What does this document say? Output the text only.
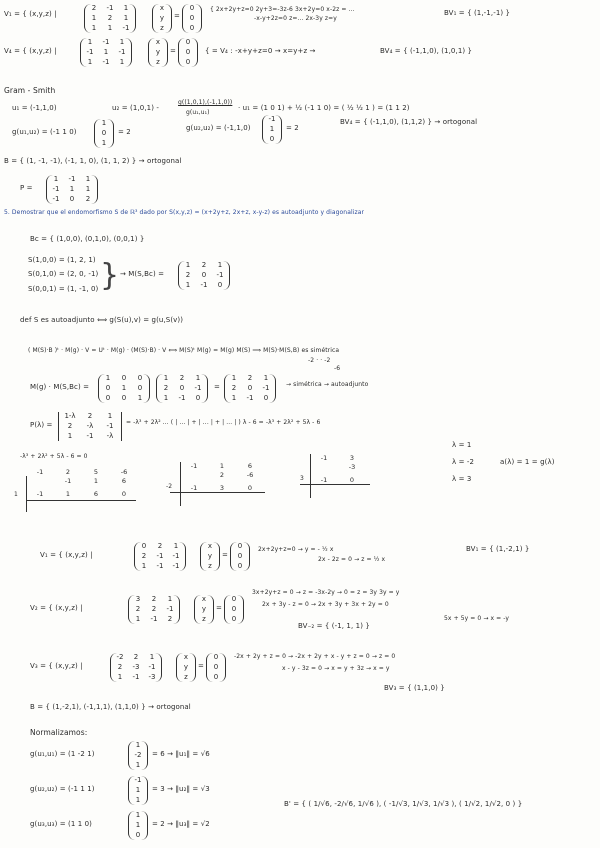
V₁ = { (x,y,z) |
2	-1	1
1	2	1
1	1	-1
x
y
z
=
0
0
0
{ 2x+2y+z=0 2y+3=-3z-6 3x+2y=0 x-2z = ...
-x-y+2z=0 z=... 2x-3y z=y
BV₁ = { (1,-1,-1) }
V₄ = { (x,y,z) |
1	-1	1
-1	1	-1
1	-1	1
x
y
z
=
0
0
0
{ = V₄ : -x+y+z=0 → x=y+z →	BV₄ = { (-1,1,0), (1,0,1) }
Gram - Smith
u₁ = (-1,1,0)	u₂ = (1,0,1) -
g((1,0,1),(-1,1,0))
g(u₁,u₁)
· u₁ = (1 0 1) + ½ (-1 1 0) = ( ½ ½ 1 ) = (1 1 2)
g(u₁,u₂) = (-1 1 0)
1
0
1
= 2	g(u₂,u₂) = (-1,1,0)
-1
1
0
= 2
BV₄ = { (-1,1,0), (1,1,2) } → ortogonal
B = { (1, -1, -1), (-1, 1, 0), (1, 1, 2) } → ortogonal
P =
1	-1	1
-1	1	1
-1	0	2
5. Demostrar que el endomorfismo S de ℝ³ dado por S(x,y,z) = (x+2y+z, 2x+z, x-y-z) es autoadjunto y diagonalizar
Bc = { (1,0,0), (0,1,0), (0,0,1) }
S(1,0,0) = (1, 2, 1)
S(0,1,0) = (2, 0, -1)
S(0,0,1) = (1, -1, 0) } → M(S,Bc) =
1	2	1
2	0	-1
1	-1	0
def S es autoadjunto ⟺ g(S(u),v) = g(u,S(v))
( M(S)·B )ᵗ · M(g) · V = Uᵗ · M(g) · (M(S)·B) · V ⟺ M(S)ᵗ M(g) = M(g) M(S) ⟹ M(S)·M(S,B) es simétrica
-2 · · -2
-6
M(g) · M(S,Bc) =
1	0	0
0	1	0
0	0	1
1	2	1
2	0	-1
1	-1	0
=
1	2	1
2	0	-1
1	-1	0
→ simétrica → autoadjunto
P(λ) =
1-λ	2	1
2	-λ	-1
1	-1	-λ
= -λ³ + 2λ² ... ( | ... | + | ... | + | ... | ) λ - 6 = -λ³ + 2λ² + 5λ - 6
-λ³ + 2λ² + 5λ - 6 = 0
-1	2	5	-6
-1	1	6
-1	1	6	0
1
-1	1	6
2	-6
-1	3	0
-2
-1	3
-3
-1	0
3
λ = 1
λ = -2
λ = 3
a(λ) = 1 = g(λ)
V₁ = { (x,y,z) |
0	2	1
2	-1 -1
1	-1 -1
x
y
z
=
0
0
0
2x+2y+z=0 → y = - ½ x
2x - 2z = 0 → z = ½ x
BV₁ = { (1,-2,1) }
V₂ = { (x,y,z) |
3	2	1
2	2	-1
1	-1	2
x
y
z
=
0
0
0
3x+2y+z = 0 → z = -3x-2y → 0 = z = 3y 3y = y
2x + 3y - z = 0 → 2x + 3y + 3x + 2y = 0
5x + 5y = 0 → x = -y
BV₋₂ = { (-1, 1, 1) }
V₃ = { (x,y,z) |
-2	2	1
2	-3 -1
1	-1 -3
x
y
z
=
0
0
0
-2x + 2y + z = 0 → -2x + 2y + x - y + z = 0 → z = 0
x - y - 3z = 0 → x = y + 3z → x = y
BV₃ = { (1,1,0) }
B = { (1,-2,1), (-1,1,1), (1,1,0) } → ortogonal
Normalizamos:
g(u₁,u₁) = (1 -2 1)
1
-2
1
= 6 → ‖u₁‖ = √6
g(u₂,u₂) = (-1 1 1)
-1
1
1
= 3 → ‖u₂‖ = √3
g(u₃,u₃) = (1 1 0)
1
1
0
= 2 → ‖u₃‖ = √2
B' = { ( 1/√6, -2/√6, 1/√6 ), ( -1/√3, 1/√3, 1/√3 ), ( 1/√2, 1/√2, 0 ) }
